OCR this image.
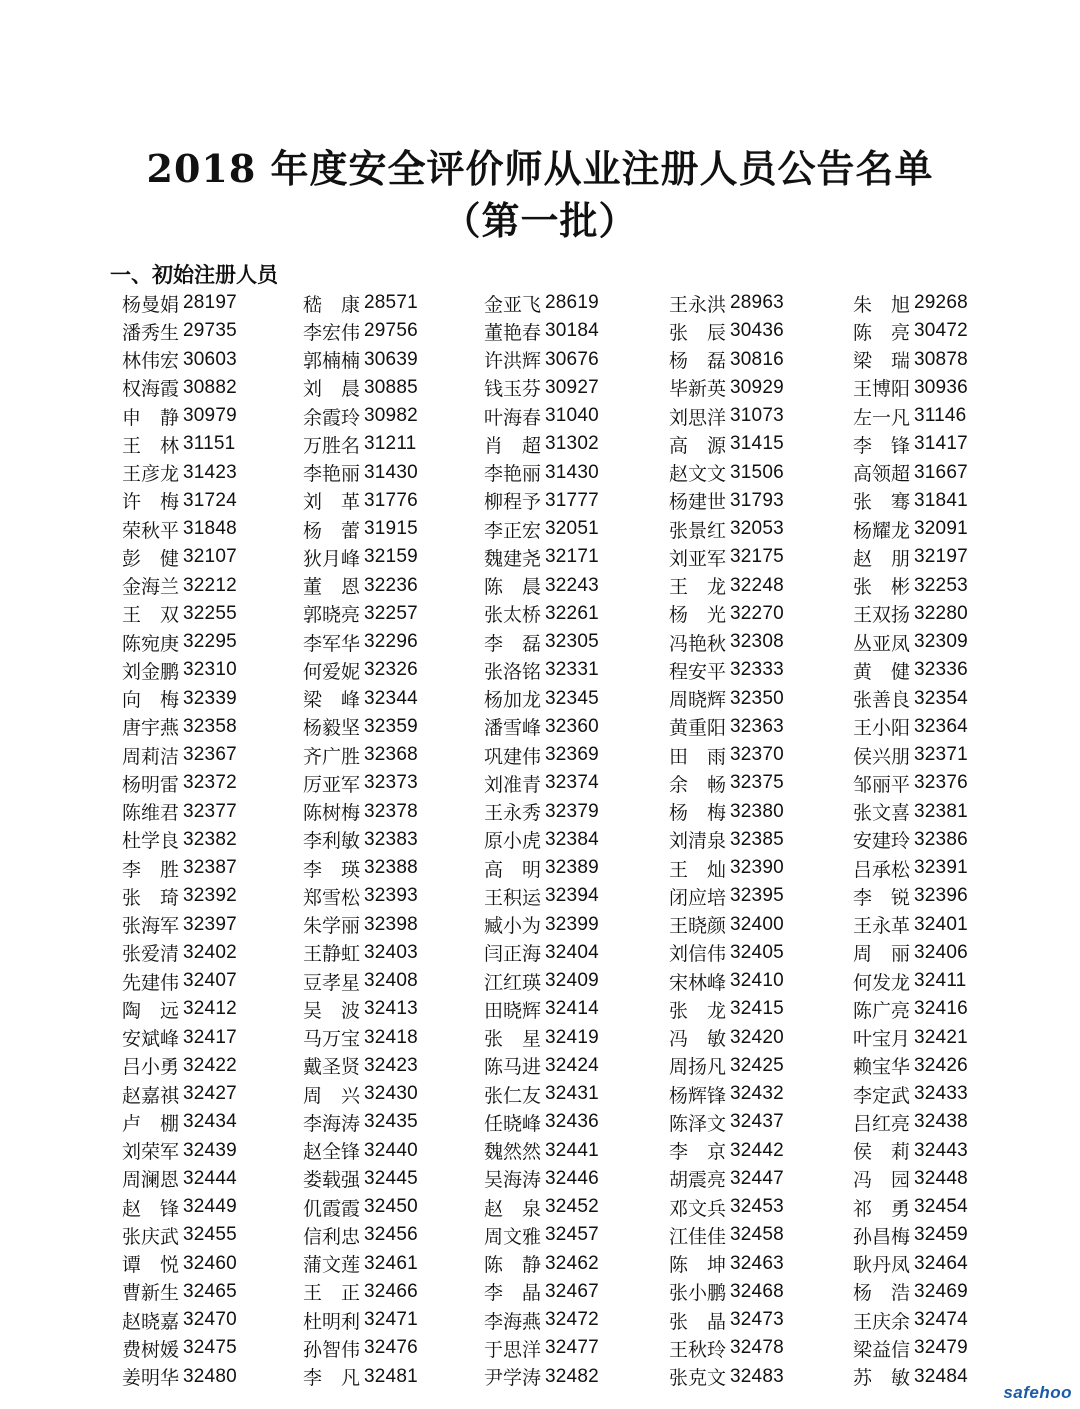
2018 年度安全评价师从业注册人员公告名单
（第一批）
一、初始注册人员
杨曼娟 28197	嵇　康 28571	金亚飞 28619	王永洪 28963	朱　旭 29268
潘秀生 29735	李宏伟 29756	董艳春 30184	张　辰 30436	陈　亮 30472
林伟宏 30603	郭楠楠 30639	许洪辉 30676	杨　磊 30816	梁　瑞 30878
权海霞 30882	刘　晨 30885	钱玉芬 30927	毕新英 30929	王博阳 30936
申　静 30979	余霞玲 30982	叶海春 31040	刘思洋 31073	左一凡 31146
王　林 31151	万胜名 31211	肖　超 31302	高　源 31415	李　锋 31417
王彦龙 31423	李艳丽 31430	李艳丽 31430	赵文文 31506	高领超 31667
许　梅 31724	刘　革 31776	柳程予 31777	杨建世 31793	张　骞 31841
荣秋平 31848	杨　蕾 31915	李正宏 32051	张景红 32053	杨耀龙 32091
彭　健 32107	狄月峰 32159	魏建尧 32171	刘亚军 32175	赵　朋 32197
金海兰 32212	董　恩 32236	陈　晨 32243	王　龙 32248	张　彬 32253
王　双 32255	郭晓亮 32257	张太桥 32261	杨　光 32270	王双扬 32280
陈宛庚 32295	李军华 32296	李　磊 32305	冯艳秋 32308	丛亚凤 32309
刘金鹏 32310	何爱妮 32326	张洛铭 32331	程安平 32333	黄　健 32336
向　梅 32339	梁　峰 32344	杨加龙 32345	周晓辉 32350	张善良 32354
唐宇燕 32358	杨毅坚 32359	潘雪峰 32360	黄重阳 32363	王小阳 32364
周莉洁 32367	齐广胜 32368	巩建伟 32369	田　雨 32370	侯兴朋 32371
杨明雷 32372	厉亚军 32373	刘准青 32374	余　畅 32375	邹丽平 32376
陈维君 32377	陈树梅 32378	王永秀 32379	杨　梅 32380	张文喜 32381
杜学良 32382	李利敏 32383	原小虎 32384	刘清泉 32385	安建玲 32386
李　胜 32387	李　瑛 32388	高　明 32389	王　灿 32390	吕承松 32391
张　琦 32392	郑雪松 32393	王积运 32394	闭应培 32395	李　锐 32396
张海军 32397	朱学丽 32398	臧小为 32399	王晓颜 32400	王永革 32401
张爱清 32402	王静虹 32403	闫正海 32404	刘信伟 32405	周　丽 32406
先建伟 32407	豆孝星 32408	江红瑛 32409	宋林峰 32410	何发龙 32411
陶　远 32412	吴　波 32413	田晓辉 32414	张　龙 32415	陈广亮 32416
安斌峰 32417	马万宝 32418	张　星 32419	冯　敏 32420	叶宝月 32421
吕小勇 32422	戴圣贤 32423	陈马进 32424	周扬凡 32425	赖宝华 32426
赵嘉祺 32427	周　兴 32430	张仁友 32431	杨辉锋 32432	李定武 32433
卢　棚 32434	李海涛 32435	任晓峰 32436	陈泽文 32437	吕红亮 32438
刘荣军 32439	赵全锋 32440	魏然然 32441	李　京 32442	侯　莉 32443
周澜恩 32444	娄载强 32445	吴海涛 32446	胡震亮 32447	冯　园 32448
赵　锋 32449	仉霞霞 32450	赵　泉 32452	邓文兵 32453	祁　勇 32454
张庆武 32455	信利忠 32456	周文雅 32457	江佳佳 32458	孙昌梅 32459
谭　悦 32460	蒲文莲 32461	陈　静 32462	陈　坤 32463	耿丹凤 32464
曹新生 32465	王　正 32466	李　晶 32467	张小鹏 32468	杨　浩 32469
赵晓嘉 32470	杜明利 32471	李海燕 32472	张　晶 32473	王庆余 32474
费树媛 32475	孙智伟 32476	于思洋 32477	王秋玲 32478	梁益信 32479
姜明华 32480	李　凡 32481	尹学涛 32482	张克文 32483	苏　敏 32484
safehoo
